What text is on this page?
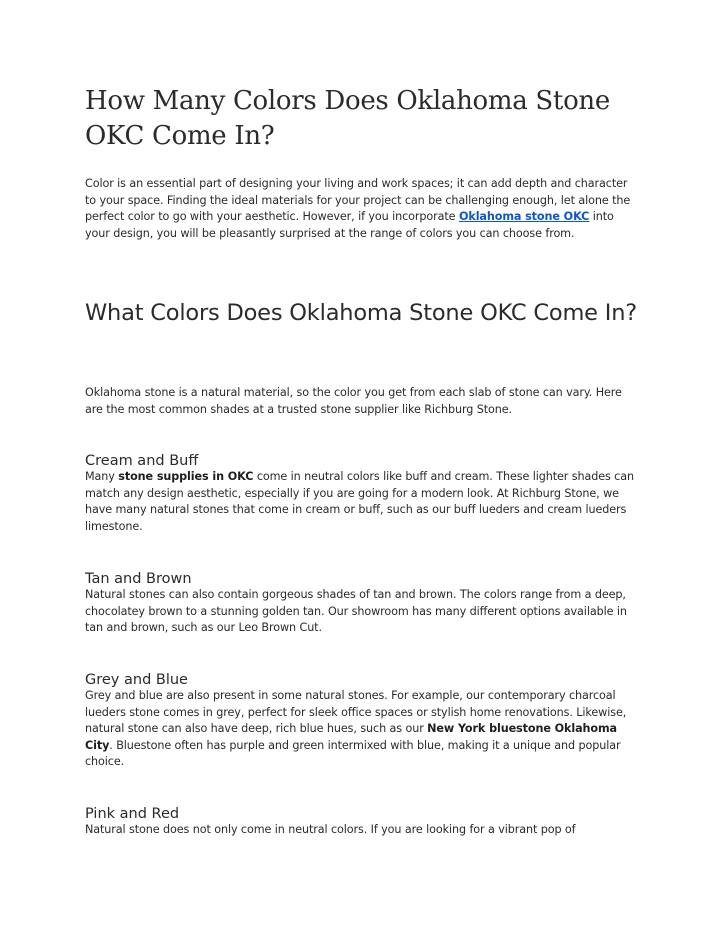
How Many Colors Does Oklahoma Stone OKC Come In?

Color is an essential part of designing your living and work spaces; it can add depth and character to your space. Finding the ideal materials for your project can be challenging enough, let alone the perfect color to go with your aesthetic. However, if you incorporate Oklahoma stone OKC into your design, you will be pleasantly surprised at the range of colors you can choose from.

What Colors Does Oklahoma Stone OKC Come In?

Oklahoma stone is a natural material, so the color you get from each slab of stone can vary. Here are the most common shades at a trusted stone supplier like Richburg Stone.

Cream and Buff

Many stone supplies in OKC come in neutral colors like buff and cream. These lighter shades can match any design aesthetic, especially if you are going for a modern look. At Richburg Stone, we have many natural stones that come in cream or buff, such as our buff lueders and cream lueders limestone.

Tan and Brown

Natural stones can also contain gorgeous shades of tan and brown. The colors range from a deep, chocolatey brown to a stunning golden tan. Our showroom has many different options available in tan and brown, such as our Leo Brown Cut.

Grey and Blue

Grey and blue are also present in some natural stones. For example, our contemporary charcoal lueders stone comes in grey, perfect for sleek office spaces or stylish home renovations. Likewise, natural stone can also have deep, rich blue hues, such as our New York bluestone Oklahoma City. Bluestone often has purple and green intermixed with blue, making it a unique and popular choice.

Pink and Red

Natural stone does not only come in neutral colors. If you are looking for a vibrant pop of
